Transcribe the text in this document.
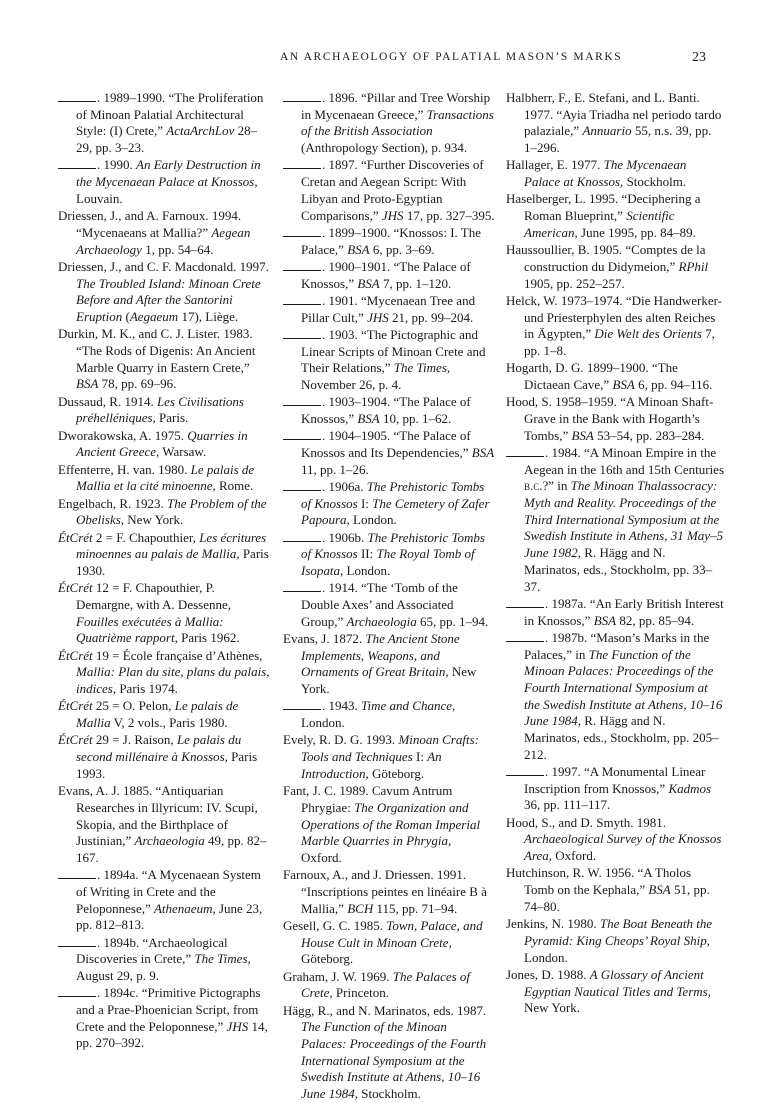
AN ARCHAEOLOGY OF PALATIAL MASON’S MARKS	23

. 1989–1990. “The Proliferation of Minoan Palatial Architectural Style: (I) Crete,” ActaArchLov 28–29, pp. 3–23.

. 1990. An Early Destruction in the Mycenaean Palace at Knossos, Louvain.

Driessen, J., and A. Farnoux. 1994. “Mycenaeans at Mallia?” Aegean Archaeology 1, pp. 54–64.

Driessen, J., and C. F. Macdonald. 1997. The Troubled Island: Minoan Crete Before and After the Santorini Eruption (Aegaeum 17), Liège.

Durkin, M. K., and C. J. Lister. 1983. “The Rods of Digenis: An Ancient Marble Quarry in Eastern Crete,” BSA 78, pp. 69–96.

Dussaud, R. 1914. Les Civilisations préhelléniques, Paris.

Dworakowska, A. 1975. Quarries in Ancient Greece, Warsaw.

Effenterre, H. van. 1980. Le palais de Mallia et la cité minoenne, Rome.

Engelbach, R. 1923. The Problem of the Obelisks, New York.

ÉtCrét 2 = F. Chapouthier, Les écritures minoennes au palais de Mallia, Paris 1930.

ÉtCrét 12 = F. Chapouthier, P. Demargne, with A. Dessenne, Fouilles exécutées à Mallia: Quatrième rapport, Paris 1962.

ÉtCrét 19 = École française d’Athènes, Mallia: Plan du site, plans du palais, indices, Paris 1974.

ÉtCrét 25 = O. Pelon, Le palais de Mallia V, 2 vols., Paris 1980.

ÉtCrét 29 = J. Raison, Le palais du second millénaire à Knossos, Paris 1993.

Evans, A. J. 1885. “Antiquarian Researches in Illyricum: IV. Scupi, Skopia, and the Birthplace of Justinian,” Archaeologia 49, pp. 82–167.

. 1894a. “A Mycenaean System of Writing in Crete and the Peloponnese,” Athenaeum, June 23, pp. 812–813.

. 1894b. “Archaeological Discoveries in Crete,” The Times, August 29, p. 9.

. 1894c. “Primitive Pictographs and a Prae-Phoenician Script, from Crete and the Peloponnese,” JHS 14, pp. 270–392.

. 1896. “Pillar and Tree Worship in Mycenaean Greece,” Transactions of the British Association (Anthropology Section), p. 934.

. 1897. “Further Discoveries of Cretan and Aegean Script: With Libyan and Proto-Egyptian Comparisons,” JHS 17, pp. 327–395.

. 1899–1900. “Knossos: I. The Palace,” BSA 6, pp. 3–69.

. 1900–1901. “The Palace of Knossos,” BSA 7, pp. 1–120.

. 1901. “Mycenaean Tree and Pillar Cult,” JHS 21, pp. 99–204.

. 1903. “The Pictographic and Linear Scripts of Minoan Crete and Their Relations,” The Times, November 26, p. 4.

. 1903–1904. “The Palace of Knossos,” BSA 10, pp. 1–62.

. 1904–1905. “The Palace of Knossos and Its Dependencies,” BSA 11, pp. 1–26.

. 1906a. The Prehistoric Tombs of Knossos I: The Cemetery of Zafer Papoura, London.

. 1906b. The Prehistoric Tombs of Knossos II: The Royal Tomb of Isopata, London.

. 1914. “The ‘Tomb of the Double Axes’ and Associated Group,” Archaeologia 65, pp. 1–94.

Evans, J. 1872. The Ancient Stone Implements, Weapons, and Ornaments of Great Britain, New York.

. 1943. Time and Chance, London.

Evely, R. D. G. 1993. Minoan Crafts: Tools and Techniques I: An Introduction, Göteborg.

Fant, J. C. 1989. Cavum Antrum Phrygiae: The Organization and Operations of the Roman Imperial Marble Quarries in Phrygia, Oxford.

Farnoux, A., and J. Driessen. 1991. “Inscriptions peintes en linéaire B à Mallia,” BCH 115, pp. 71–94.

Gesell, G. C. 1985. Town, Palace, and House Cult in Minoan Crete, Göteborg.

Graham, J. W. 1969. The Palaces of Crete, Princeton.

Hägg, R., and N. Marinatos, eds. 1987. The Function of the Minoan Palaces: Proceedings of the Fourth International Symposium at the Swedish Institute at Athens, 10–16 June 1984, Stockholm.

Halbherr, F., E. Stefani, and L. Banti. 1977. “Ayia Triadha nel periodo tardo palaziale,” Annuario 55, n.s. 39, pp. 1–296.

Hallager, E. 1977. The Mycenaean Palace at Knossos, Stockholm.

Haselberger, L. 1995. “Deciphering a Roman Blueprint,” Scientific American, June 1995, pp. 84–89.

Haussoullier, B. 1905. “Comptes de la construction du Didymeion,” RPhil 1905, pp. 252–257.

Helck, W. 1973–1974. “Die Handwerker- und Priesterphylen des alten Reiches in Ägypten,” Die Welt des Orients 7, pp. 1–8.

Hogarth, D. G. 1899–1900. “The Dictaean Cave,” BSA 6, pp. 94–116.

Hood, S. 1958–1959. “A Minoan Shaft-Grave in the Bank with Hogarth’s Tombs,” BSA 53–54, pp. 283–284.

. 1984. “A Minoan Empire in the Aegean in the 16th and 15th Centuries b.c.?” in The Minoan Thalassocracy: Myth and Reality. Proceedings of the Third International Symposium at the Swedish Institute in Athens, 31 May–5 June 1982, R. Hägg and N. Marinatos, eds., Stockholm, pp. 33–37.

. 1987a. “An Early British Interest in Knossos,” BSA 82, pp. 85–94.

. 1987b. “Mason’s Marks in the Palaces,” in The Function of the Minoan Palaces: Proceedings of the Fourth International Symposium at the Swedish Institute at Athens, 10–16 June 1984, R. Hägg and N. Marinatos, eds., Stockholm, pp. 205–212.

. 1997. “A Monumental Linear Inscription from Knossos,” Kadmos 36, pp. 111–117.

Hood, S., and D. Smyth. 1981. Archaeological Survey of the Knossos Area, Oxford.

Hutchinson, R. W. 1956. “A Tholos Tomb on the Kephala,” BSA 51, pp. 74–80.

Jenkins, N. 1980. The Boat Beneath the Pyramid: King Cheops’ Royal Ship, London.

Jones, D. 1988. A Glossary of Ancient Egyptian Nautical Titles and Terms, New York.
